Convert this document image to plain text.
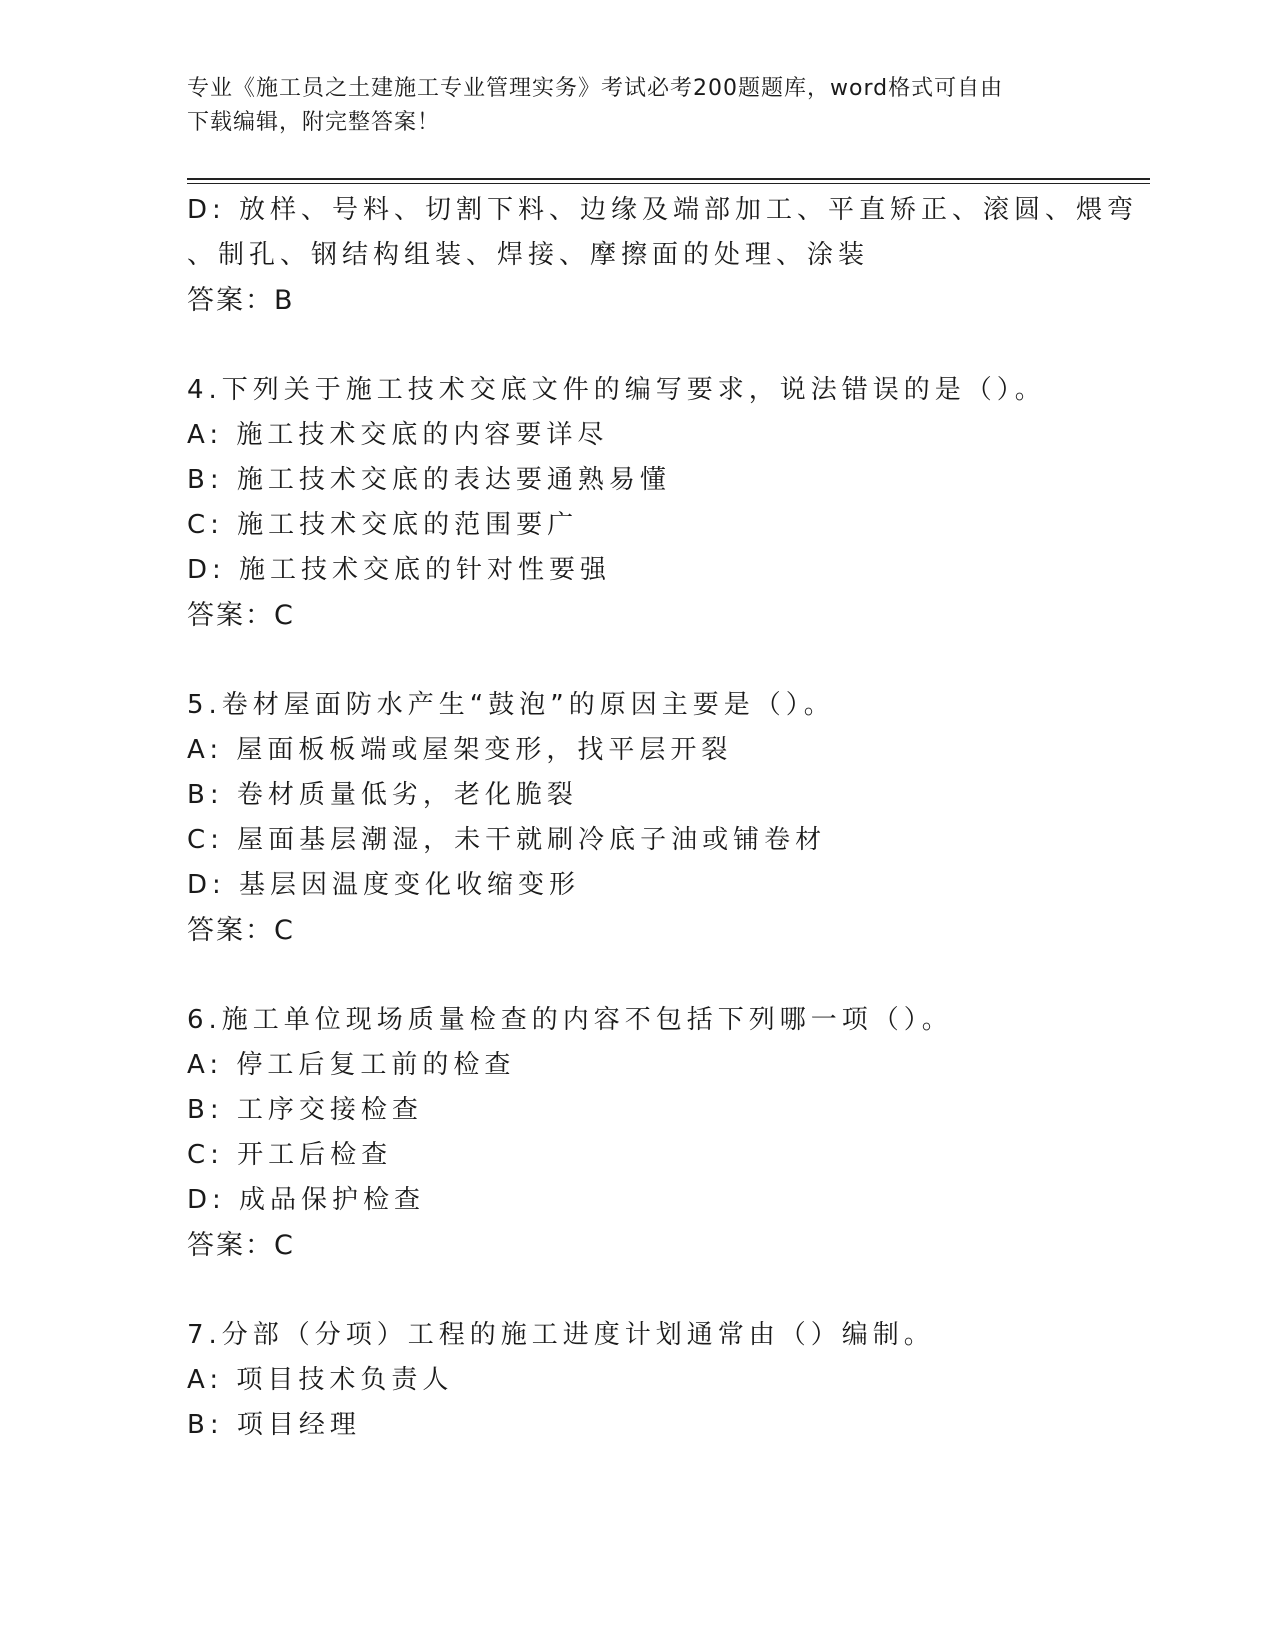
专业《施工员之土建施工专业管理实务》考试必考200题题库，word格式可自由
下载编辑，附完整答案！
D: 放样、号料、切割下料、边缘及端部加工、平直矫正、滚圆、煨弯
、制孔、钢结构组装、焊接、摩擦面的处理、涂装
答案：B
4.下列关于施工技术交底文件的编写要求，说法错误的是（）。
A: 施工技术交底的内容要详尽
B: 施工技术交底的表达要通熟易懂
C: 施工技术交底的范围要广
D: 施工技术交底的针对性要强
答案：C
5.卷材屋面防水产生“鼓泡”的原因主要是（）。
A: 屋面板板端或屋架变形，找平层开裂
B: 卷材质量低劣，老化脆裂
C: 屋面基层潮湿，未干就刷冷底子油或铺卷材
D: 基层因温度变化收缩变形
答案：C
6.施工单位现场质量检查的内容不包括下列哪一项（）。
A: 停工后复工前的检查
B: 工序交接检查
C: 开工后检查
D: 成品保护检查
答案：C
7.分部（分项）工程的施工进度计划通常由（）编制。
A: 项目技术负责人
B: 项目经理
